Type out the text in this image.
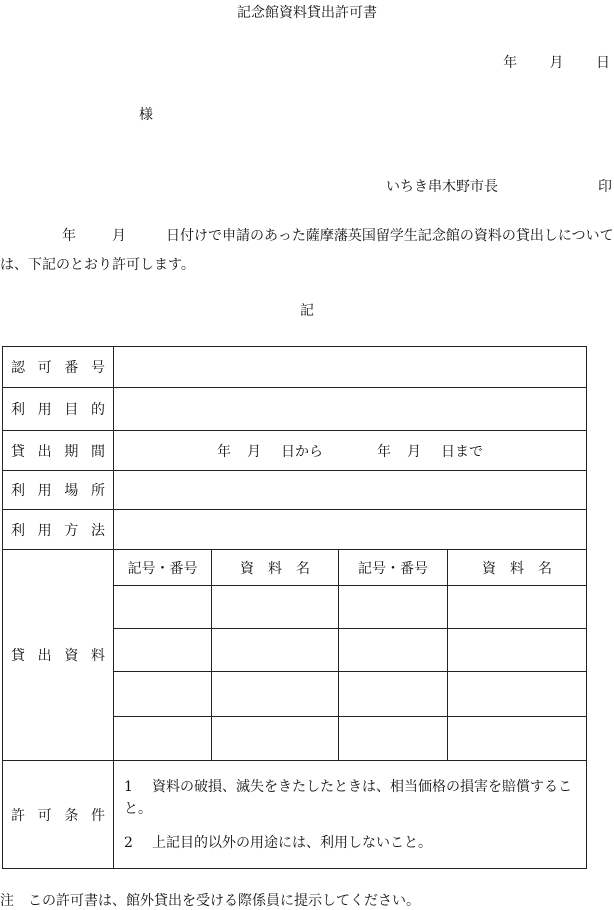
記念館資料貸出許可書
年 月 日
様
いちき串木野市長	印
年	月	日付けで申請のあった薩摩藩英国留学生記念館の資料の貸出しについては、下記のとおり許可します。
記
認可番号				
利用目的				
貸出期間	年 月 日から 年 月 日まで			
利用場所				
利用方法				
貸出資料	記号・番号	資　料　名	記号・番号	資　料　名

許可条件	1 資料の破損、滅失をきたしたときは、相当価格の損害を賠償すること。
2 上記目的以外の用途には、利用しないこと。			
注　この許可書は、館外貸出を受ける際係員に提示してください。
